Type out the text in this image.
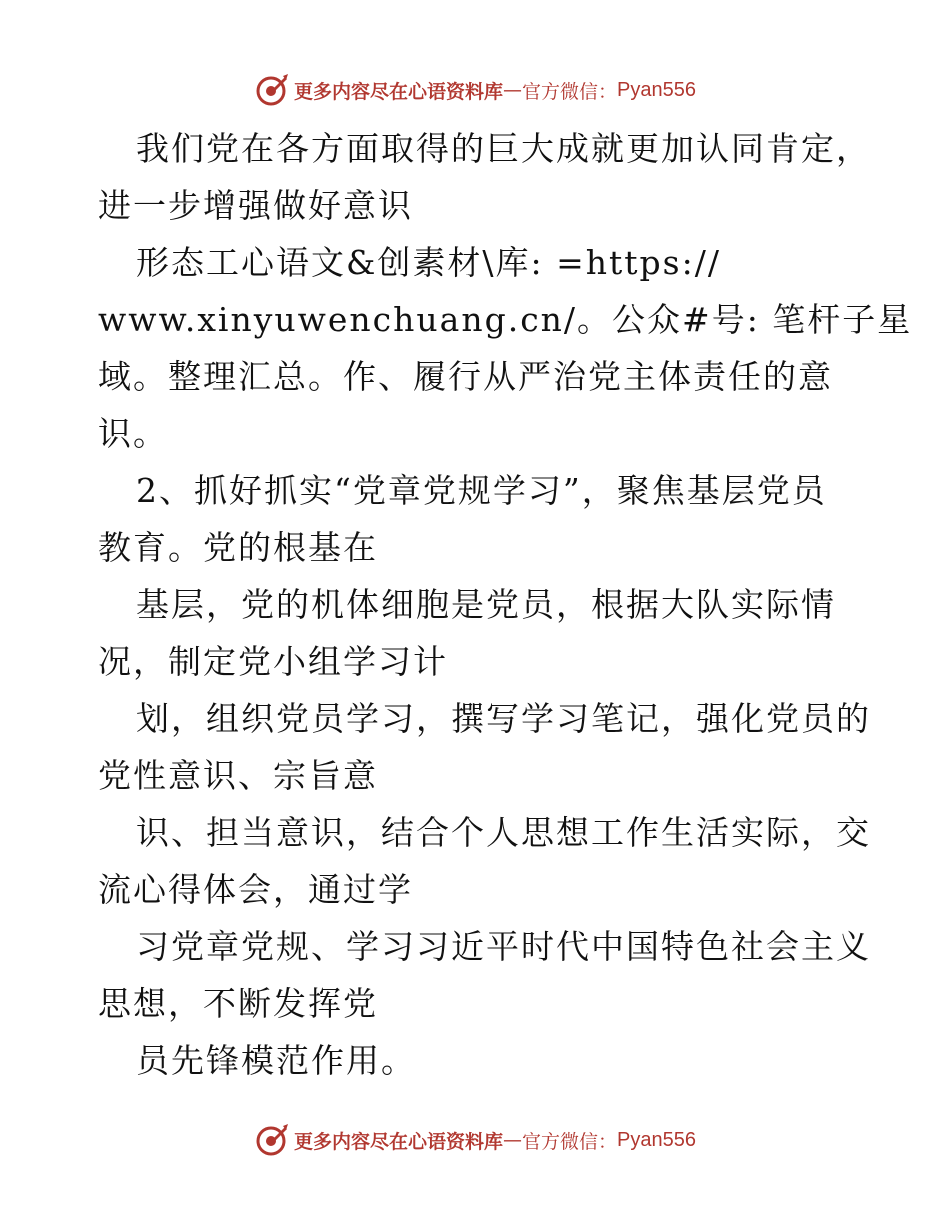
更多内容尽在心语资料库 — 官方微信： Pyan556
我们党在各方面取得的巨大成就更加认同肯定，
进一步增强做好意识
形态工心语文&创素材\库: =https://
www.xinyuwenchuang.cn/。公众#号: 笔杆子星
域。整理汇总。作、履行从严治党主体责任的意
识。
2、抓好抓实“党章党规学习”，聚焦基层党员
教育。党的根基在
基层，党的机体细胞是党员，根据大队实际情
况，制定党小组学习计
划，组织党员学习，撰写学习笔记，强化党员的
党性意识、宗旨意
识、担当意识，结合个人思想工作生活实际，交
流心得体会，通过学
习党章党规、学习习近平时代中国特色社会主义
思想，不断发挥党
员先锋模范作用。
更多内容尽在心语资料库 — 官方微信： Pyan556
